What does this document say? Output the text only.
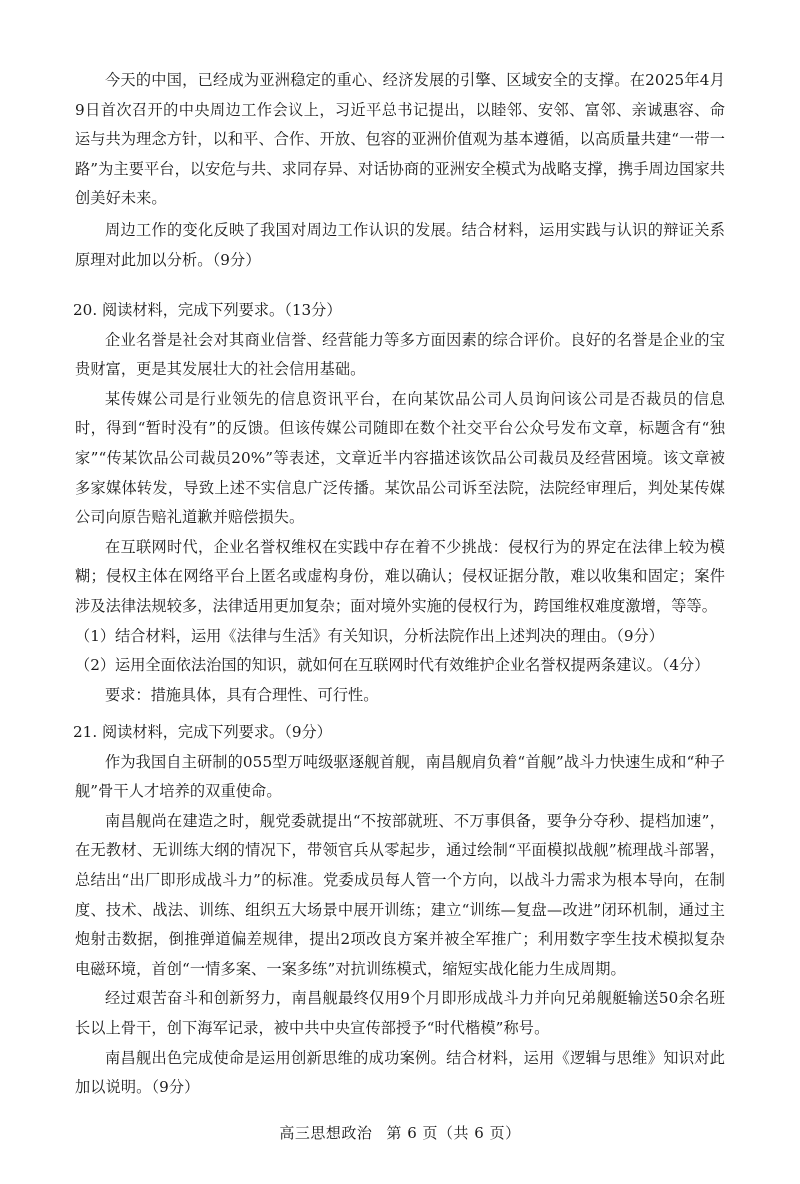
今天的中国，已经成为亚洲稳定的重心、经济发展的引擎、区域安全的支撑。在2025年4月9日首次召开的中央周边工作会议上，习近平总书记提出，以睦邻、安邻、富邻、亲诚惠容、命运与共为理念方针，以和平、合作、开放、包容的亚洲价值观为基本遵循，以高质量共建“一带一路”为主要平台，以安危与共、求同存异、对话协商的亚洲安全模式为战略支撑，携手周边国家共创美好未来。

周边工作的变化反映了我国对周边工作认识的发展。结合材料，运用实践与认识的辩证关系原理对此加以分析。（9分）

20. 阅读材料，完成下列要求。（13分）

企业名誉是社会对其商业信誉、经营能力等多方面因素的综合评价。良好的名誉是企业的宝贵财富，更是其发展壮大的社会信用基础。

某传媒公司是行业领先的信息资讯平台，在向某饮品公司人员询问该公司是否裁员的信息时，得到“暂时没有”的反馈。但该传媒公司随即在数个社交平台公众号发布文章，标题含有“独家”“传某饮品公司裁员20%”等表述，文章近半内容描述该饮品公司裁员及经营困境。该文章被多家媒体转发，导致上述不实信息广泛传播。某饮品公司诉至法院，法院经审理后，判处某传媒公司向原告赔礼道歉并赔偿损失。

在互联网时代，企业名誉权维权在实践中存在着不少挑战：侵权行为的界定在法律上较为模糊；侵权主体在网络平台上匿名或虚构身份，难以确认；侵权证据分散，难以收集和固定；案件涉及法律法规较多，法律适用更加复杂；面对境外实施的侵权行为，跨国维权难度激增，等等。

（1）结合材料，运用《法律与生活》有关知识，分析法院作出上述判决的理由。（9分）

（2）运用全面依法治国的知识，就如何在互联网时代有效维护企业名誉权提两条建议。（4分）

要求：措施具体，具有合理性、可行性。

21. 阅读材料，完成下列要求。（9分）

作为我国自主研制的055型万吨级驱逐舰首舰，南昌舰肩负着“首舰”战斗力快速生成和“种子舰”骨干人才培养的双重使命。

南昌舰尚在建造之时，舰党委就提出“不按部就班、不万事俱备，要争分夺秒、提档加速”，在无教材、无训练大纲的情况下，带领官兵从零起步，通过绘制“平面模拟战舰”梳理战斗部署，总结出“出厂即形成战斗力”的标准。党委成员每人管一个方向，以战斗力需求为根本导向，在制度、技术、战法、训练、组织五大场景中展开训练；建立“训练—复盘—改进”闭环机制，通过主炮射击数据，倒推弹道偏差规律，提出2项改良方案并被全军推广；利用数字孪生技术模拟复杂电磁环境，首创“一情多案、一案多练”对抗训练模式，缩短实战化能力生成周期。

经过艰苦奋斗和创新努力，南昌舰最终仅用9个月即形成战斗力并向兄弟舰艇输送50余名班长以上骨干，创下海军记录，被中共中央宣传部授予“时代楷模”称号。

南昌舰出色完成使命是运用创新思维的成功案例。结合材料，运用《逻辑与思维》知识对此加以说明。（9分）

高三思想政治 第 6 页（共 6 页）
